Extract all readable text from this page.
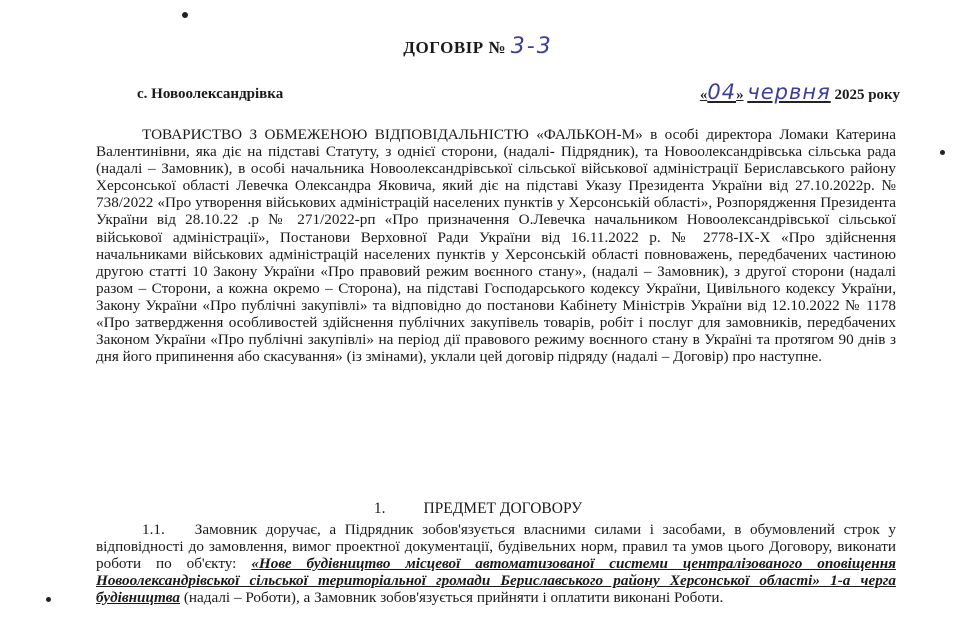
ДОГОВІР № 3-3
с. Новоолександрівка	«04» червня 2025 року
ТОВАРИСТВО З ОБМЕЖЕНОЮ ВІДПОВІДАЛЬНІСТЮ «ФАЛЬКОН-М» в особі директора Ломаки Катерина Валентинівни, яка діє на підставі Статуту, з однієї сторони, (надалі- Підрядник), та Новоолександрівська сільська рада (надалі – Замовник), в особі начальника Новоолександрівської сільської військової адміністрації Бериславського району Херсонської області Левечка Олександра Яковича, який діє на підставі Указу Президента України від 27.10.2022р. № 738/2022 «Про утворення військових адміністрацій населених пунктів у Херсонській області», Розпорядження Президента України від 28.10.22 .р № 271/2022-рп «Про призначення О.Левечка начальником Новоолександрівської сільської військової адміністрації», Постанови Верховної Ради України від 16.11.2022 р. № 2778-ІХ-Х «Про здійснення начальниками військових адміністрацій населених пунктів у Херсонській області повноважень, передбачених частиною другою статті 10 Закону України «Про правовий режим воєнного стану», (надалі – Замовник), з другої сторони (надалі разом – Сторони, а кожна окремо – Сторона), на підставі Господарського кодексу України, Цивільного кодексу України, Закону України «Про публічні закупівлі» та відповідно до постанови Кабінету Міністрів України від 12.10.2022 № 1178 «Про затвердження особливостей здійснення публічних закупівель товарів, робіт і послуг для замовників, передбачених Законом України «Про публічні закупівлі» на період дії правового режиму воєнного стану в Україні та протягом 90 днів з дня його припинення або скасування» (із змінами), уклали цей договір підряду (надалі – Договір) про наступне.
1. ПРЕДМЕТ ДОГОВОРУ
1.1. Замовник доручає, а Підрядник зобов'язується власними силами і засобами, в обумовлений строк у відповідності до замовлення, вимог проектної документації, будівельних норм, правил та умов цього Договору, виконати роботи по об'єкту: «Нове будівництво місцевої автоматизованої системи централізованого оповіщення Новоолександрівської сільської територіальної громади Бериславського району Херсонської області» 1-а черга будівництва (надалі – Роботи), а Замовник зобов'язується прийняти і оплатити виконані Роботи.
